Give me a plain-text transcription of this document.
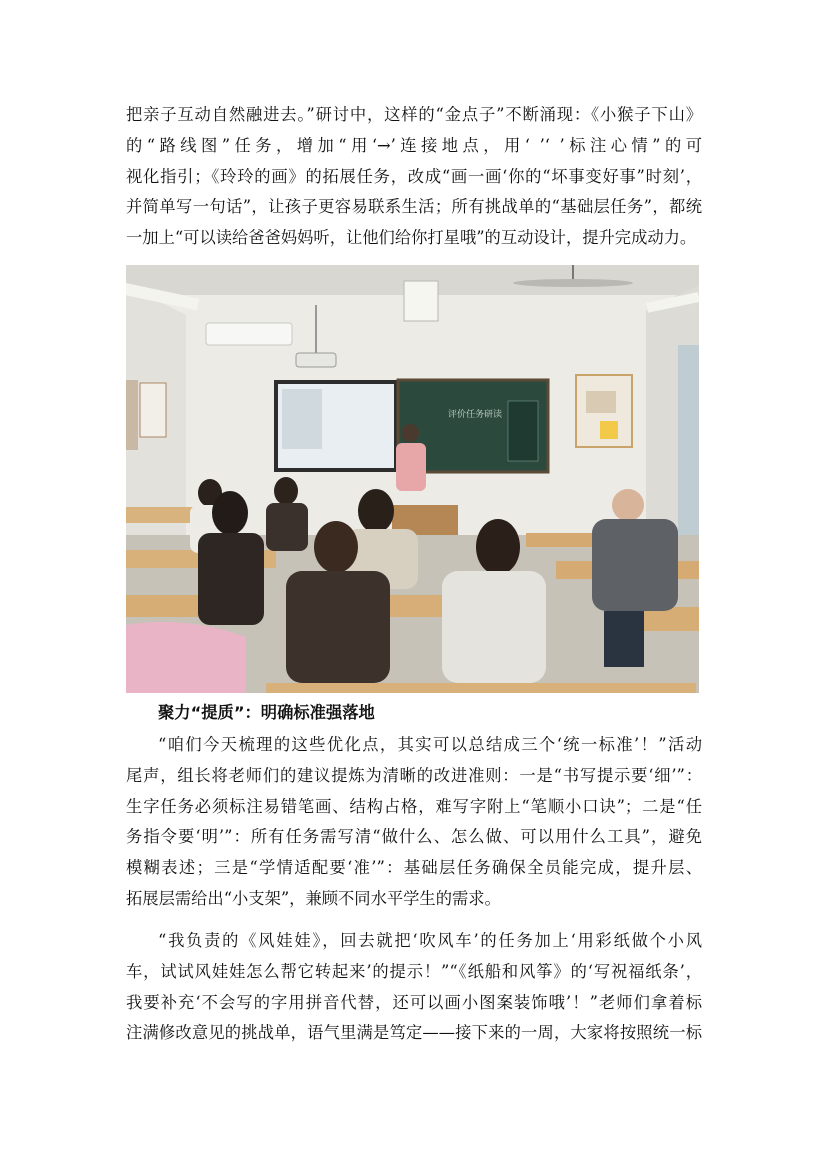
把亲子互动自然融进去。”研讨中，这样的“金点子”不断涌现：《小猴子下山》
的“路线图”任务，增加“用‘→’连接地点，用‘ ’‘ ’标注心情”的可
视化指引；《玲玲的画》的拓展任务，改成“画一画‘你的“坏事变好事”时刻’，
并简单写一句话”，让孩子更容易联系生活；所有挑战单的“基础层任务”，都统
一加上“可以读给爸爸妈妈听，让他们给你打星哦”的互动设计，提升完成动力。
评价任务研读

聚力“提质”：明确标准强落地

“咱们今天梳理的这些优化点，其实可以总结成三个‘统一标准’！”活动
尾声，组长将老师们的建议提炼为清晰的改进准则：一是“书写提示要‘细’”：
生字任务必须标注易错笔画、结构占格，难写字附上“笔顺小口诀”；二是“任
务指令要‘明’”：所有任务需写清“做什么、怎么做、可以用什么工具”，避免
模糊表述；三是“学情适配要‘准’”：基础层任务确保全员能完成，提升层、
拓展层需给出“小支架”，兼顾不同水平学生的需求。
“我负责的《风娃娃》，回去就把‘吹风车’的任务加上‘用彩纸做个小风
车，试试风娃娃怎么帮它转起来’的提示！”“《纸船和风筝》的‘写祝福纸条’，
我要补充‘不会写的字用拼音代替，还可以画小图案装饰哦’！”老师们拿着标
注满修改意见的挑战单，语气里满是笃定——接下来的一周，大家将按照统一标
